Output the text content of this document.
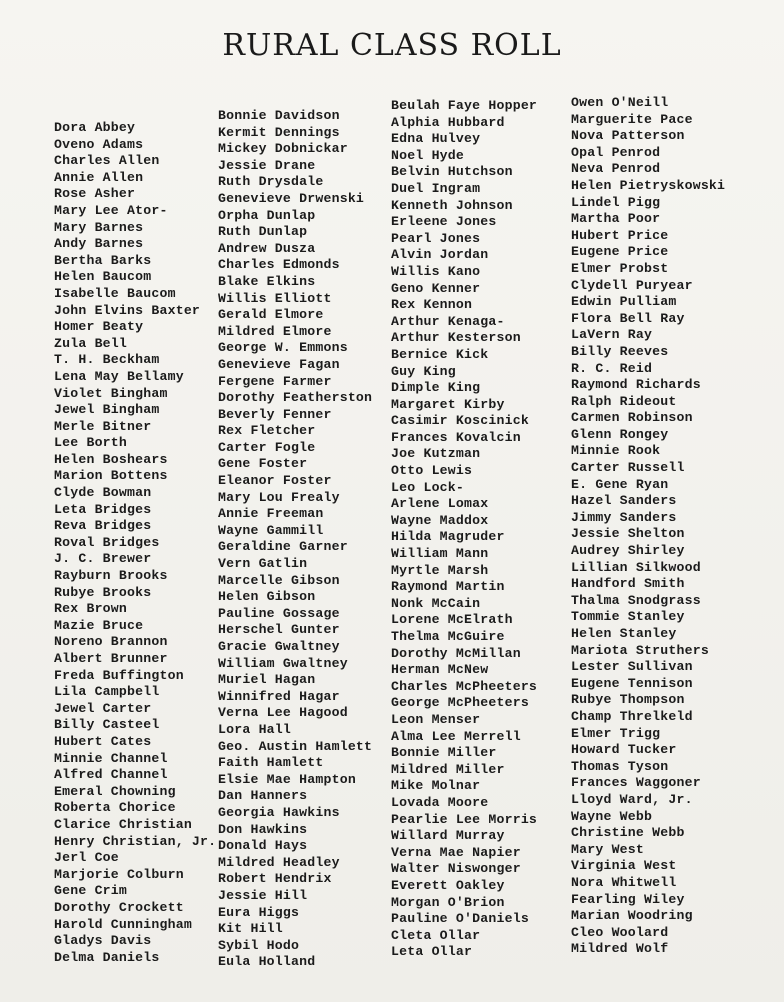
RURAL CLASS ROLL
Dora Abbey
Oveno Adams
Charles Allen
Annie Allen
Rose Asher
Mary Lee Ator-
Mary Barnes
Andy Barnes
Bertha Barks
Helen Baucom
Isabelle Baucom
John Elvins Baxter
Homer Beaty
Zula Bell
T. H. Beckham
Lena May Bellamy
Violet Bingham
Jewel Bingham
Merle Bitner
Lee Borth
Helen Boshears
Marion Bottens
Clyde Bowman
Leta Bridges
Reva Bridges
Roval Bridges
J. C. Brewer
Rayburn Brooks
Rubye Brooks
Rex Brown
Mazie Bruce
Noreno Brannon
Albert Brunner
Freda Buffington
Lila Campbell
Jewel Carter
Billy Casteel
Hubert Cates
Minnie Channel
Alfred Channel
Emeral Chowning
Roberta Chorice
Clarice Christian
Henry Christian, Jr.
Jerl Coe
Marjorie Colburn
Gene Crim
Dorothy Crockett
Harold Cunningham
Gladys Davis
Delma Daniels
Bonnie Davidson
Kermit Dennings
Mickey Dobnickar
Jessie Drane
Ruth Drysdale
Genevieve Drwenski
Orpha Dunlap
Ruth Dunlap
Andrew Dusza
Charles Edmonds
Blake Elkins
Willis Elliott
Gerald Elmore
Mildred Elmore
George W. Emmons
Genevieve Fagan
Fergene Farmer
Dorothy Featherston
Beverly Fenner
Rex Fletcher
Carter Fogle
Gene Foster
Eleanor Foster
Mary Lou Frealy
Annie Freeman
Wayne Gammill
Geraldine Garner
Vern Gatlin
Marcelle Gibson
Helen Gibson
Pauline Gossage
Herschel Gunter
Gracie Gwaltney
William Gwaltney
Muriel Hagan
Winnifred Hagar
Verna Lee Hagood
Lora Hall
Geo. Austin Hamlett
Faith Hamlett
Elsie Mae Hampton
Dan Hanners
Georgia Hawkins
Don Hawkins
Donald Hays
Mildred Headley
Robert Hendrix
Jessie Hill
Eura Higgs
Kit Hill
Sybil Hodo
Eula Holland
Beulah Faye Hopper
Alphia Hubbard
Edna Hulvey
Noel Hyde
Belvin Hutchson
Duel Ingram
Kenneth Johnson
Erleene Jones
Pearl Jones
Alvin Jordan
Willis Kano
Geno Kenner
Rex Kennon
Arthur Kenaga-
Arthur Kesterson
Bernice Kick
Guy King
Dimple King
Margaret Kirby
Casimir Koscinick
Frances Kovalcin
Joe Kutzman
Otto Lewis
Leo Lock-
Arlene Lomax
Wayne Maddox
Hilda Magruder
William Mann
Myrtle Marsh
Raymond Martin
Nonk McCain
Lorene McElrath
Thelma McGuire
Dorothy McMillan
Herman McNew
Charles McPheeters
George McPheeters
Leon Menser
Alma Lee Merrell
Bonnie Miller
Mildred Miller
Mike Molnar
Lovada Moore
Pearlie Lee Morris
Willard Murray
Verna Mae Napier
Walter Niswonger
Everett Oakley
Morgan O'Brion
Pauline O'Daniels
Cleta Ollar
Leta Ollar
Owen O'Neill
Marguerite Pace
Nova Patterson
Opal Penrod
Neva Penrod
Helen Pietryskowski
Lindel Pigg
Martha Poor
Hubert Price
Eugene Price
Elmer Probst
Clydell Puryear
Edwin Pulliam
Flora Bell Ray
LaVern Ray
Billy Reeves
R. C. Reid
Raymond Richards
Ralph Rideout
Carmen Robinson
Glenn Rongey
Minnie Rook
Carter Russell
E. Gene Ryan
Hazel Sanders
Jimmy Sanders
Jessie Shelton
Audrey Shirley
Lillian Silkwood
Handford Smith
Thalma Snodgrass
Tommie Stanley
Helen Stanley
Mariota Struthers
Lester Sullivan
Eugene Tennison
Rubye Thompson
Champ Threlkeld
Elmer Trigg
Howard Tucker
Thomas Tyson
Frances Waggoner
Lloyd Ward, Jr.
Wayne Webb
Christine Webb
Mary West
Virginia West
Nora Whitwell
Fearling Wiley
Marian Woodring
Cleo Woolard
Mildred Wolf
